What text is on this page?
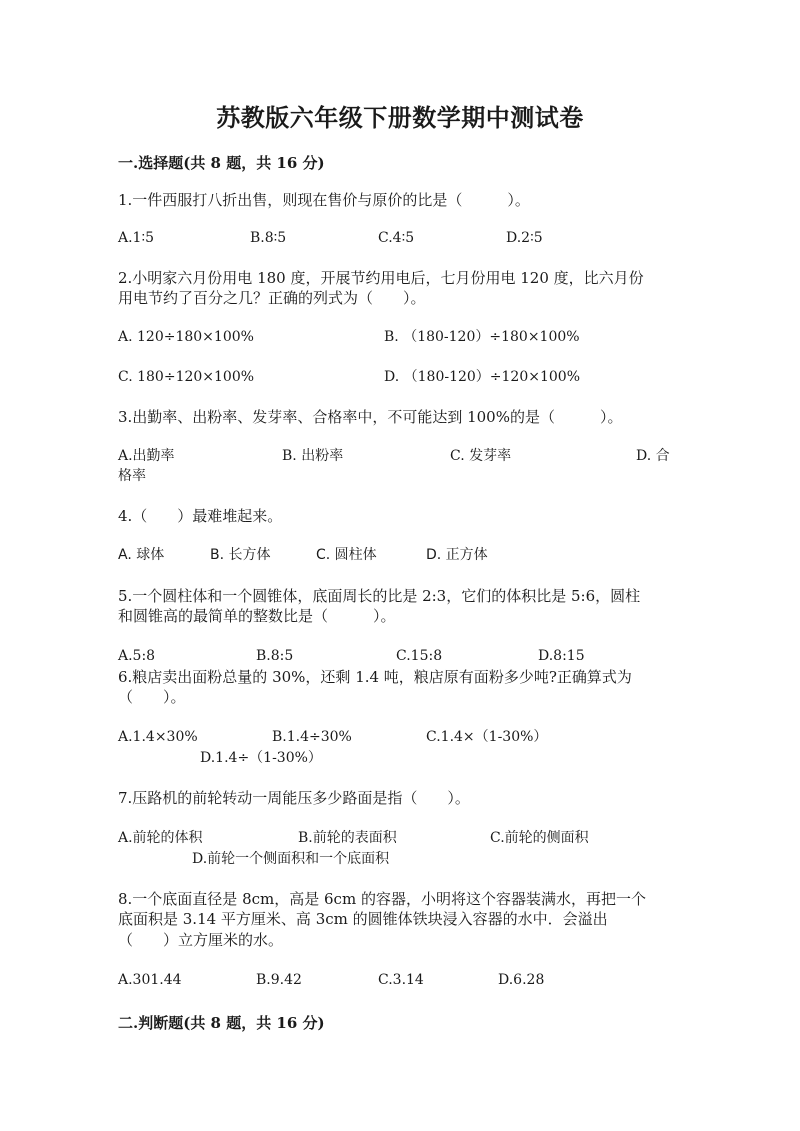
苏教版六年级下册数学期中测试卷
一.选择题(共 8 题，共 16 分)
1.一件西服打八折出售，则现在售价与原价的比是（　　　）。
A.1∶5	B.8∶5	C.4∶5	D.2∶5
2.小明家六月份用电 180 度，开展节约用电后，七月份用电 120 度，比六月份
用电节约了百分之几？正确的列式为（　　）。
A. 120÷180×100%	B. （180-120）÷180×100%
C. 180÷120×100%	D. （180-120）÷120×100%
3.出勤率、出粉率、发芽率、合格率中，不可能达到 100%的是（　　　）。
A.出勤率	B. 出粉率	C. 发芽率	D. 合
格率
4.（　　）最难堆起来。
A. 球体	B. 长方体	C. 圆柱体	D. 正方体
5.一个圆柱体和一个圆锥体，底面周长的比是 2:3，它们的体积比是 5:6，圆柱
和圆锥高的最简单的整数比是（　　　）。
A.5:8	B.8:5	C.15:8	D.8:15
6.粮店卖出面粉总量的 30%，还剩 1.4 吨，粮店原有面粉多少吨?正确算式为
（　　）。
A.1.4×30%	B.1.4÷30%	C.1.4×（1-30%）
D.1.4÷（1-30%）
7.压路机的前轮转动一周能压多少路面是指（　　）。
A.前轮的体积	B.前轮的表面积	C.前轮的侧面积
D.前轮一个侧面积和一个底面积
8.一个底面直径是 8cm，高是 6cm 的容器，小明将这个容器装满水，再把一个
底面积是 3.14 平方厘米、高 3cm 的圆锥体铁块浸入容器的水中．会溢出
（　　）立方厘米的水。
A.301.44	B.9.42	C.3.14	D.6.28
二.判断题(共 8 题，共 16 分)
